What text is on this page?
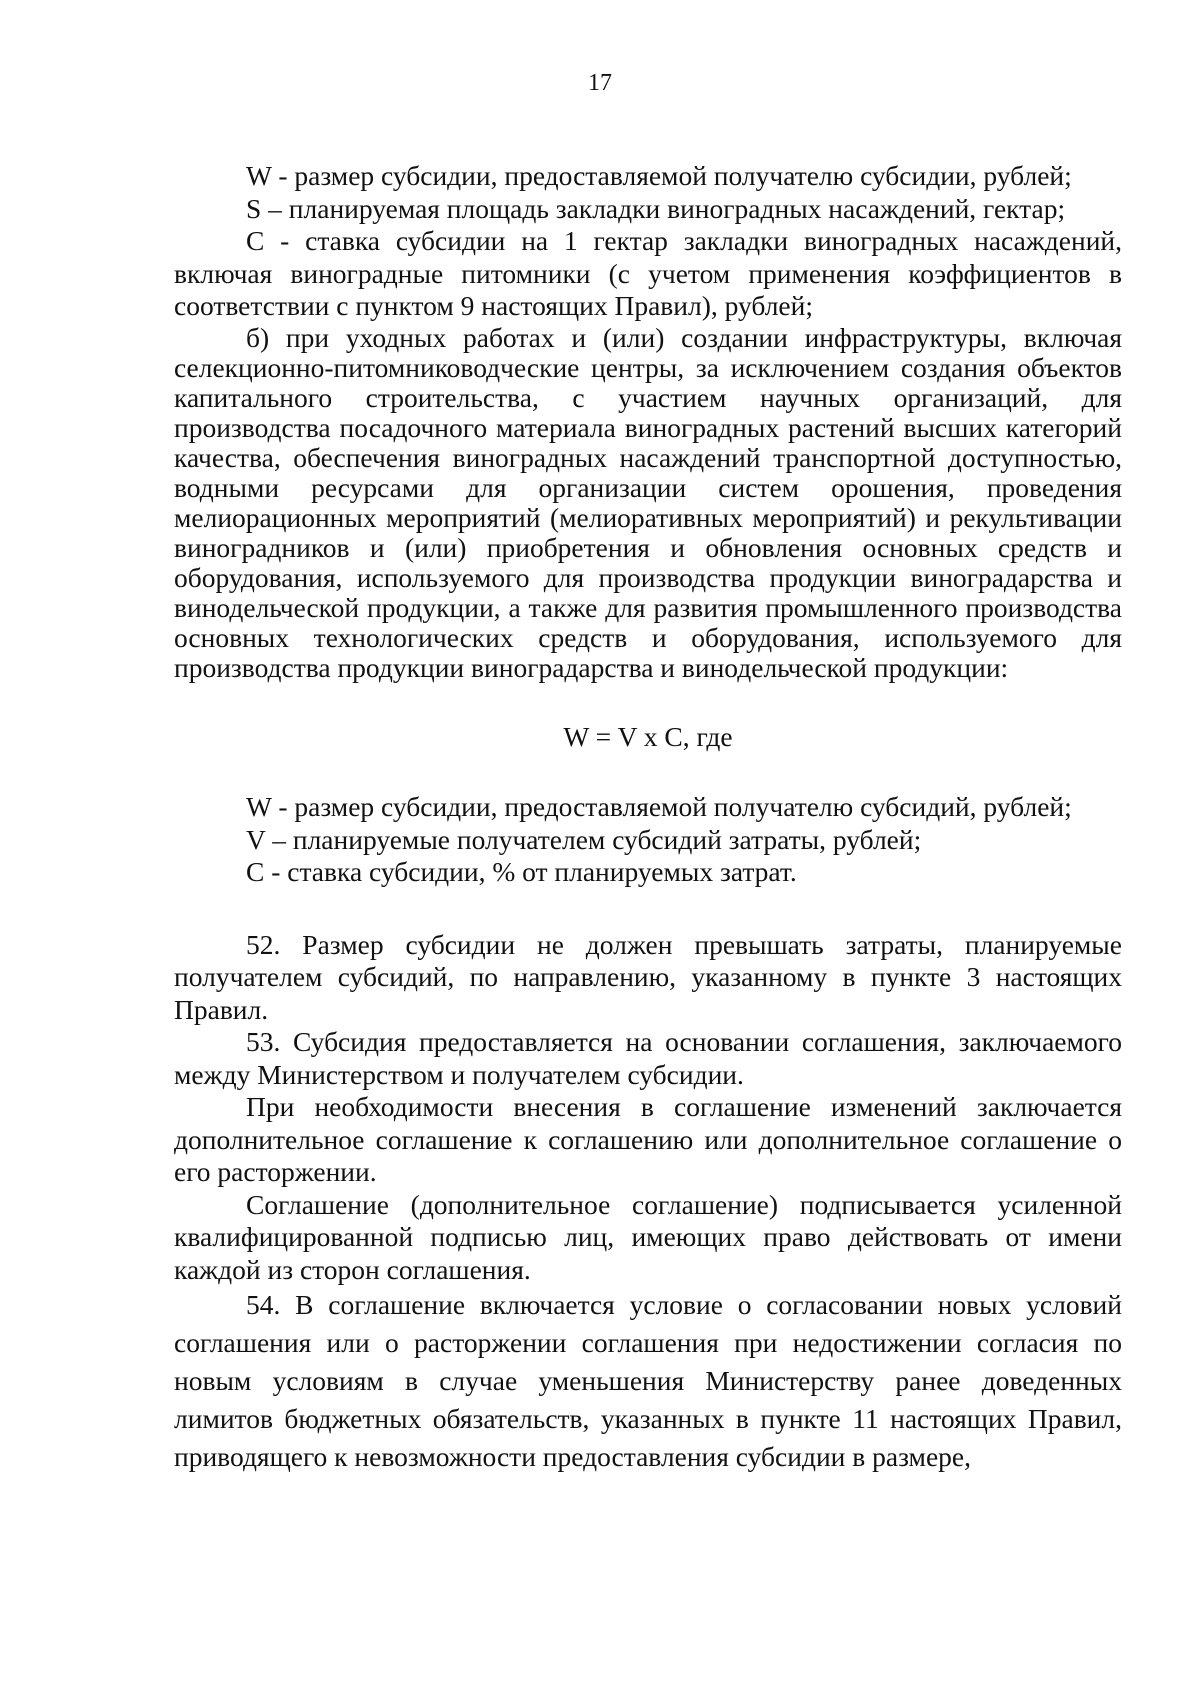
17

W - размер субсидии, предоставляемой получателю субсидии, рублей;

S – планируемая площадь закладки виноградных насаждений, гектар;

C - ставка субсидии на 1 гектар закладки виноградных насаждений, включая виноградные питомники (с учетом применения коэффициентов в соответствии с пунктом 9 настоящих Правил), рублей;

б) при уходных работах и (или) создании инфраструктуры, включая селекционно-питомниководческие центры, за исключением создания объектов капитального строительства, с участием научных организаций, для производства посадочного материала виноградных растений высших категорий качества, обеспечения виноградных насаждений транспортной доступностью, водными ресурсами для организации систем орошения, проведения мелиорационных мероприятий (мелиоративных мероприятий) и рекультивации виноградников и (или) приобретения и обновления основных средств и оборудования, используемого для производства продукции виноградарства и винодельческой продукции, а также для развития промышленного производства основных технологических средств и оборудования, используемого для производства продукции виноградарства и винодельческой продукции:

W = V x C, где

W - размер субсидии, предоставляемой получателю субсидий, рублей;

V – планируемые получателем субсидий затраты, рублей;

C - ставка субсидии, % от планируемых затрат.

52. Размер субсидии не должен превышать затраты, планируемые получателем субсидий, по направлению, указанному в пункте 3 настоящих Правил.

53. Субсидия предоставляется на основании соглашения, заключаемого между Министерством и получателем субсидии.

При необходимости внесения в соглашение изменений заключается дополнительное соглашение к соглашению или дополнительное соглашение о его расторжении.

Соглашение (дополнительное соглашение) подписывается усиленной квалифицированной подписью лиц, имеющих право действовать от имени каждой из сторон соглашения.

54. В соглашение включается условие о согласовании новых условий соглашения или о расторжении соглашения при недостижении согласия по новым условиям в случае уменьшения Министерству ранее доведенных лимитов бюджетных обязательств, указанных в пункте 11 настоящих Правил, приводящего к невозможности предоставления субсидии в размере,
